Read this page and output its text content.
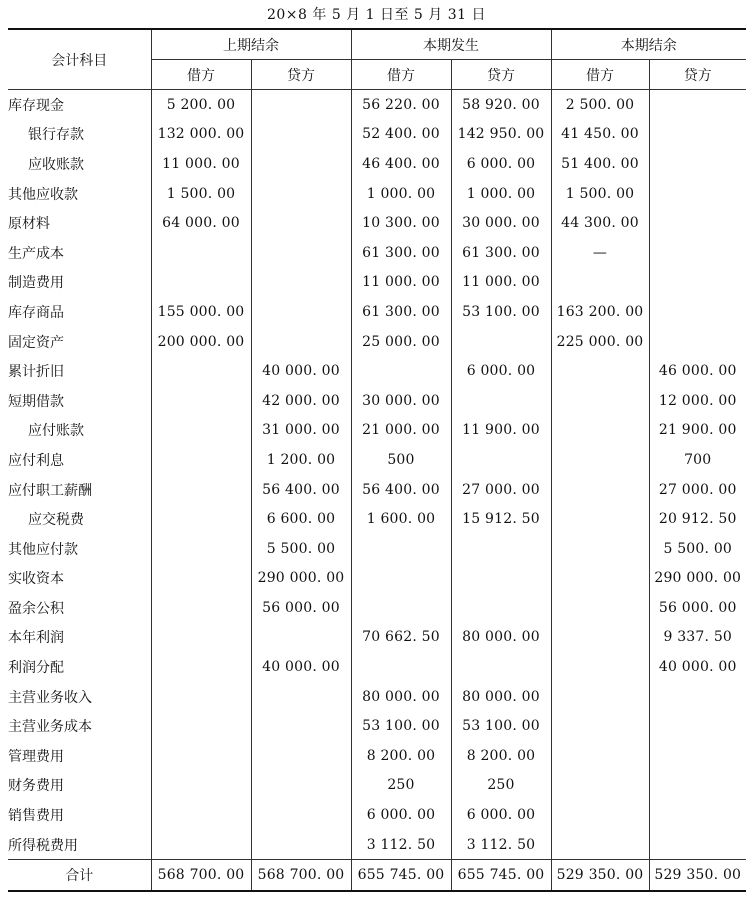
20×8 年 5 月 1 日至 5 月 31 日
会计科目	上期结余		本期发生		本期结余	
	借方	贷方	借方	贷方	借方	贷方
库存现金	5 200. 00		56 220. 00	58 920. 00	2 500. 00	
银行存款	132 000. 00		52 400. 00	142 950. 00	41 450. 00	
应收账款	11 000. 00		46 400. 00	6 000. 00	51 400. 00	
其他应收款	1 500. 00		1 000. 00	1 000. 00	1 500. 00	
原材料	64 000. 00		10 300. 00	30 000. 00	44 300. 00	
生产成本			61 300. 00	61 300. 00	—	
制造费用			11 000. 00	11 000. 00		
库存商品	155 000. 00		61 300. 00	53 100. 00	163 200. 00	
固定资产	200 000. 00		25 000. 00		225 000. 00	
累计折旧		40 000. 00		6 000. 00		46 000. 00
短期借款		42 000. 00	30 000. 00			12 000. 00
应付账款		31 000. 00	21 000. 00	11 900. 00		21 900. 00
应付利息		1 200. 00	500			700
应付职工薪酬		56 400. 00	56 400. 00	27 000. 00		27 000. 00
应交税费		6 600. 00	1 600. 00	15 912. 50		20 912. 50
其他应付款		5 500. 00				5 500. 00
实收资本		290 000. 00				290 000. 00
盈余公积		56 000. 00				56 000. 00
本年利润			70 662. 50	80 000. 00		9 337. 50
利润分配		40 000. 00				40 000. 00
主营业务收入			80 000. 00	80 000. 00		
主营业务成本			53 100. 00	53 100. 00		
管理费用			8 200. 00	8 200. 00		
财务费用			250	250		
销售费用			6 000. 00	6 000. 00		
所得税费用			3 112. 50	3 112. 50		
合计	568 700. 00	568 700. 00	655 745. 00	655 745. 00	529 350. 00	529 350. 00
